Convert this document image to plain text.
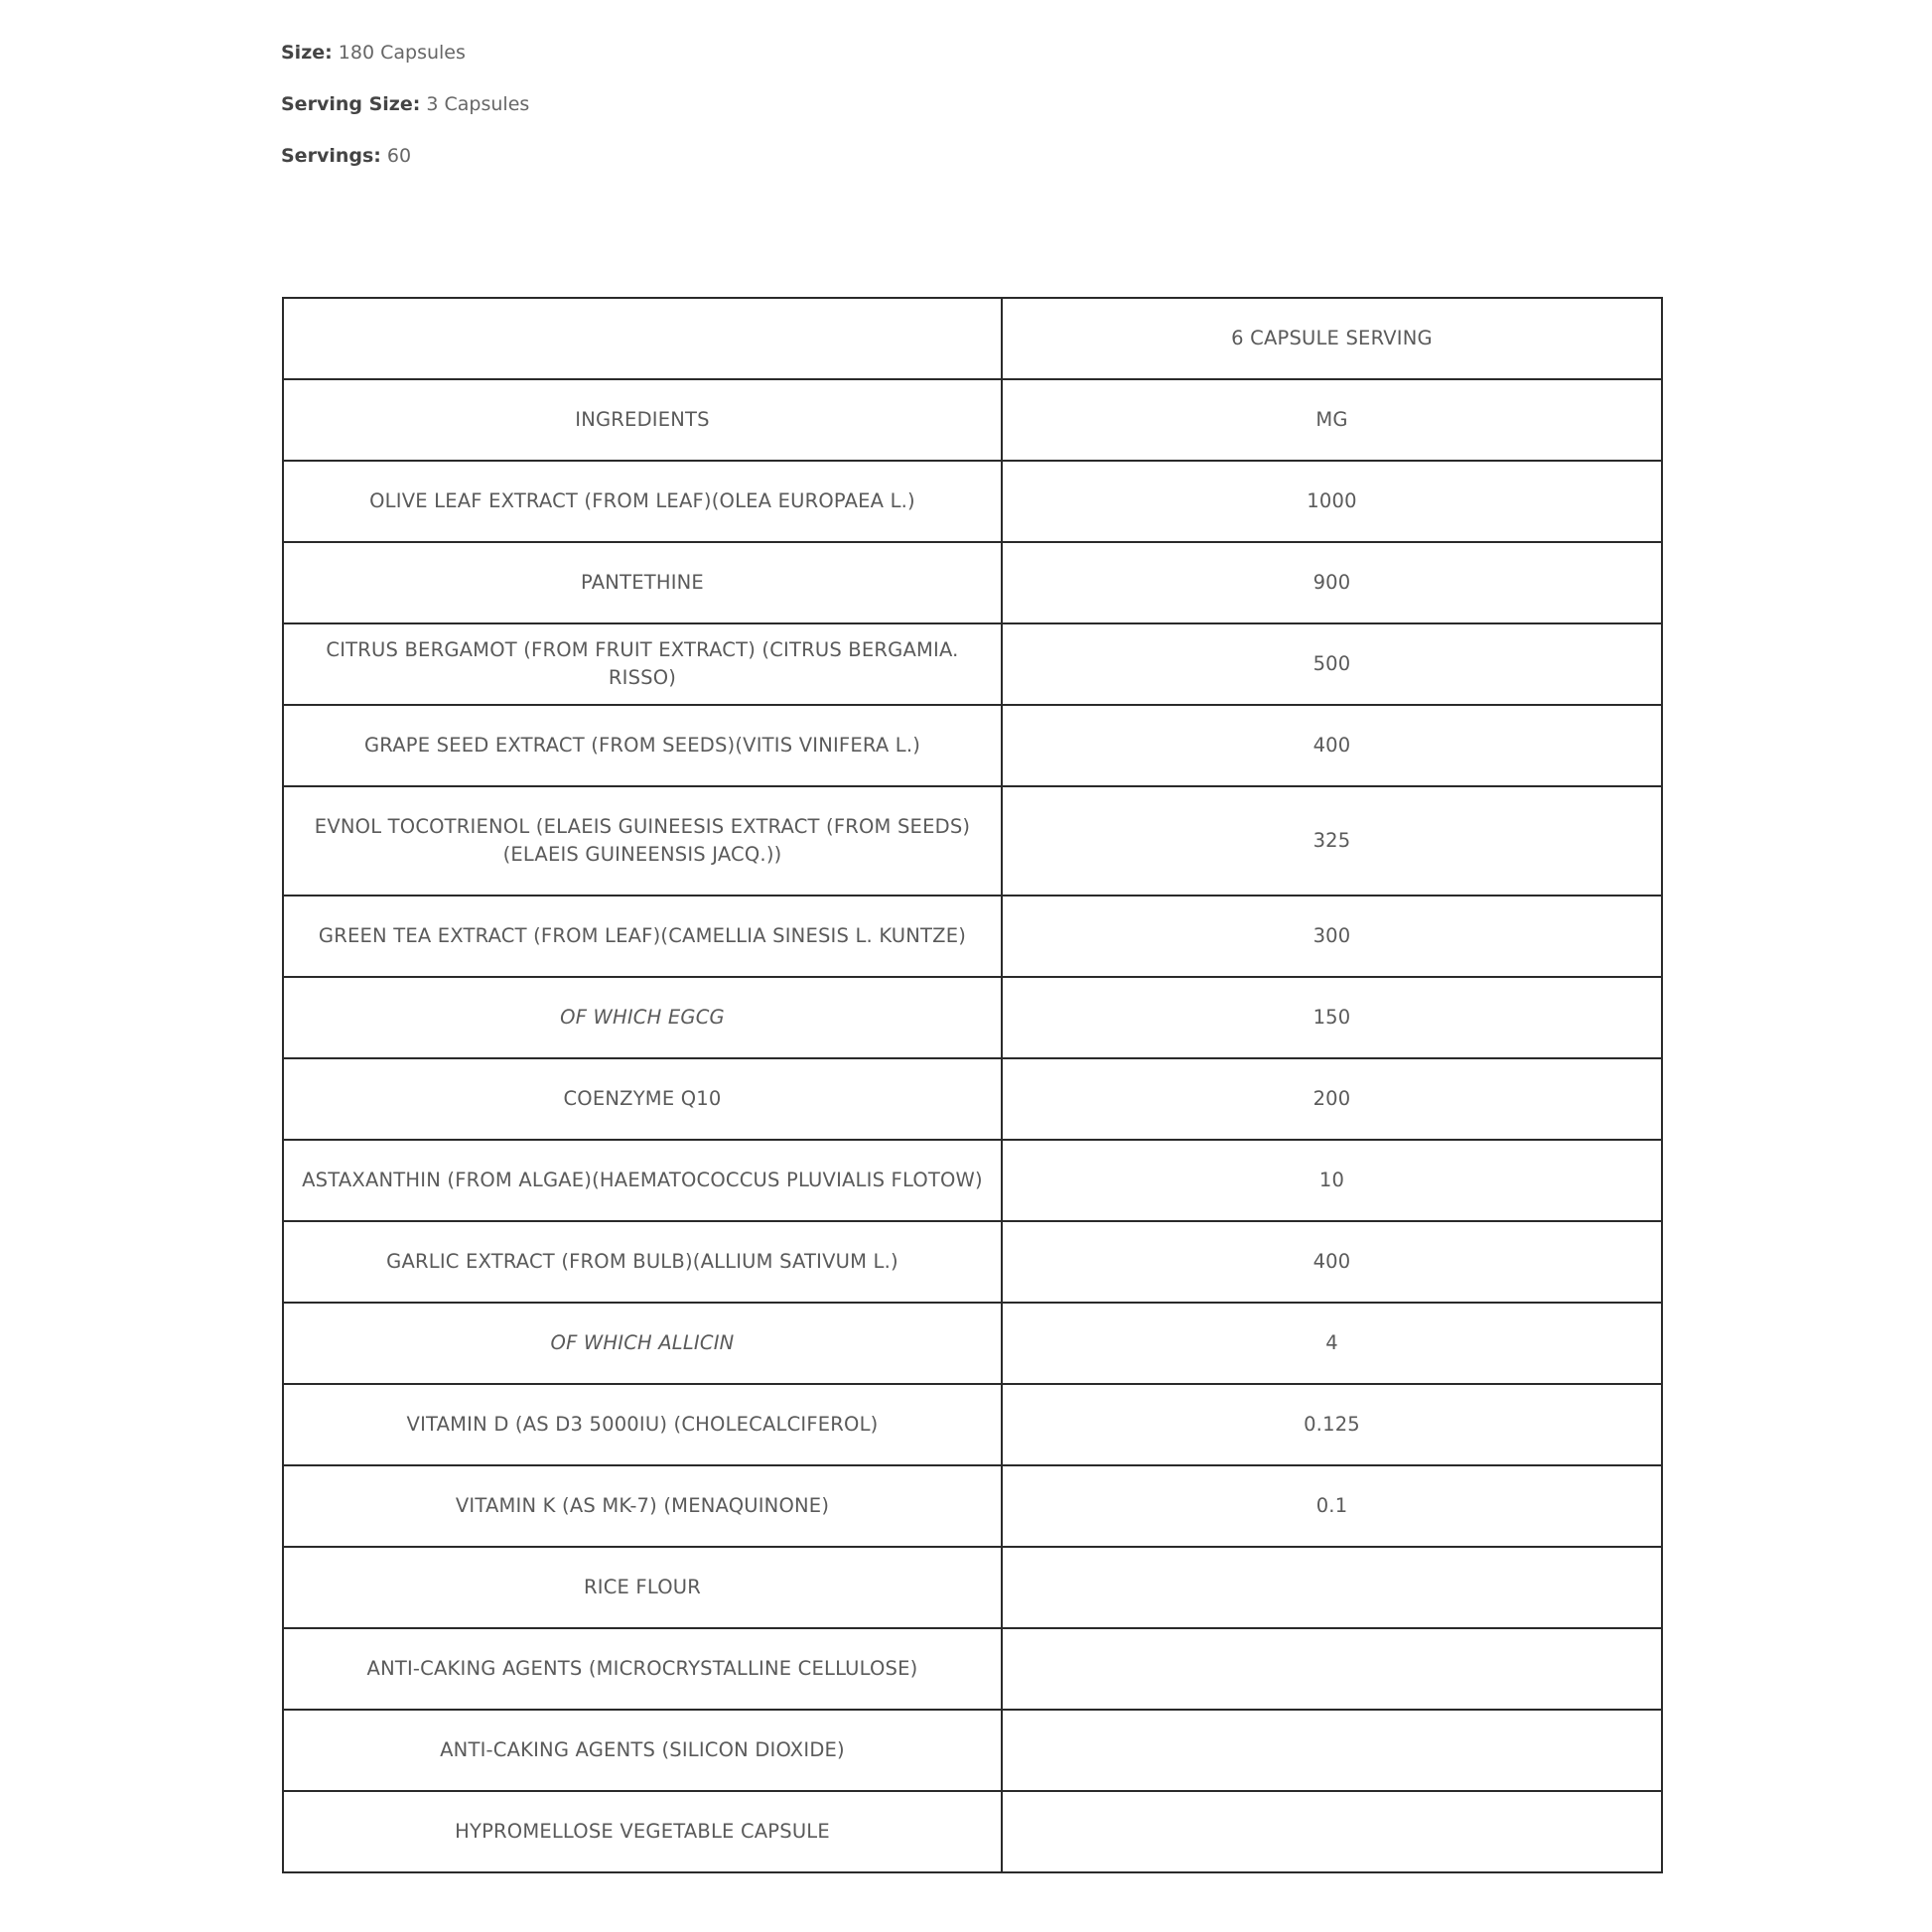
Size: 180 Capsules
Serving Size: 3 Capsules
Servings: 60
	6 CAPSULE SERVING
INGREDIENTS	MG
OLIVE LEAF EXTRACT (FROM LEAF)(OLEA EUROPAEA L.)	1000
PANTETHINE	900
CITRUS BERGAMOT (FROM FRUIT EXTRACT) (CITRUS BERGAMIA. RISSO)	500
GRAPE SEED EXTRACT (FROM SEEDS)(VITIS VINIFERA L.)	400
EVNOL TOCOTRIENOL (ELAEIS GUINEESIS EXTRACT (FROM SEEDS)
(ELAEIS GUINEENSIS JACQ.))	325
GREEN TEA EXTRACT (FROM LEAF)(CAMELLIA SINESIS L. KUNTZE)	300
OF WHICH EGCG	150
COENZYME Q10	200
ASTAXANTHIN (FROM ALGAE)(HAEMATOCOCCUS PLUVIALIS FLOTOW)	10
GARLIC EXTRACT (FROM BULB)(ALLIUM SATIVUM L.)	400
OF WHICH ALLICIN	4
VITAMIN D (AS D3 5000IU) (CHOLECALCIFEROL)	0.125
VITAMIN K (AS MK-7) (MENAQUINONE)	0.1
RICE FLOUR	
ANTI-CAKING AGENTS (MICROCRYSTALLINE CELLULOSE)	
ANTI-CAKING AGENTS (SILICON DIOXIDE)	
HYPROMELLOSE VEGETABLE CAPSULE	
